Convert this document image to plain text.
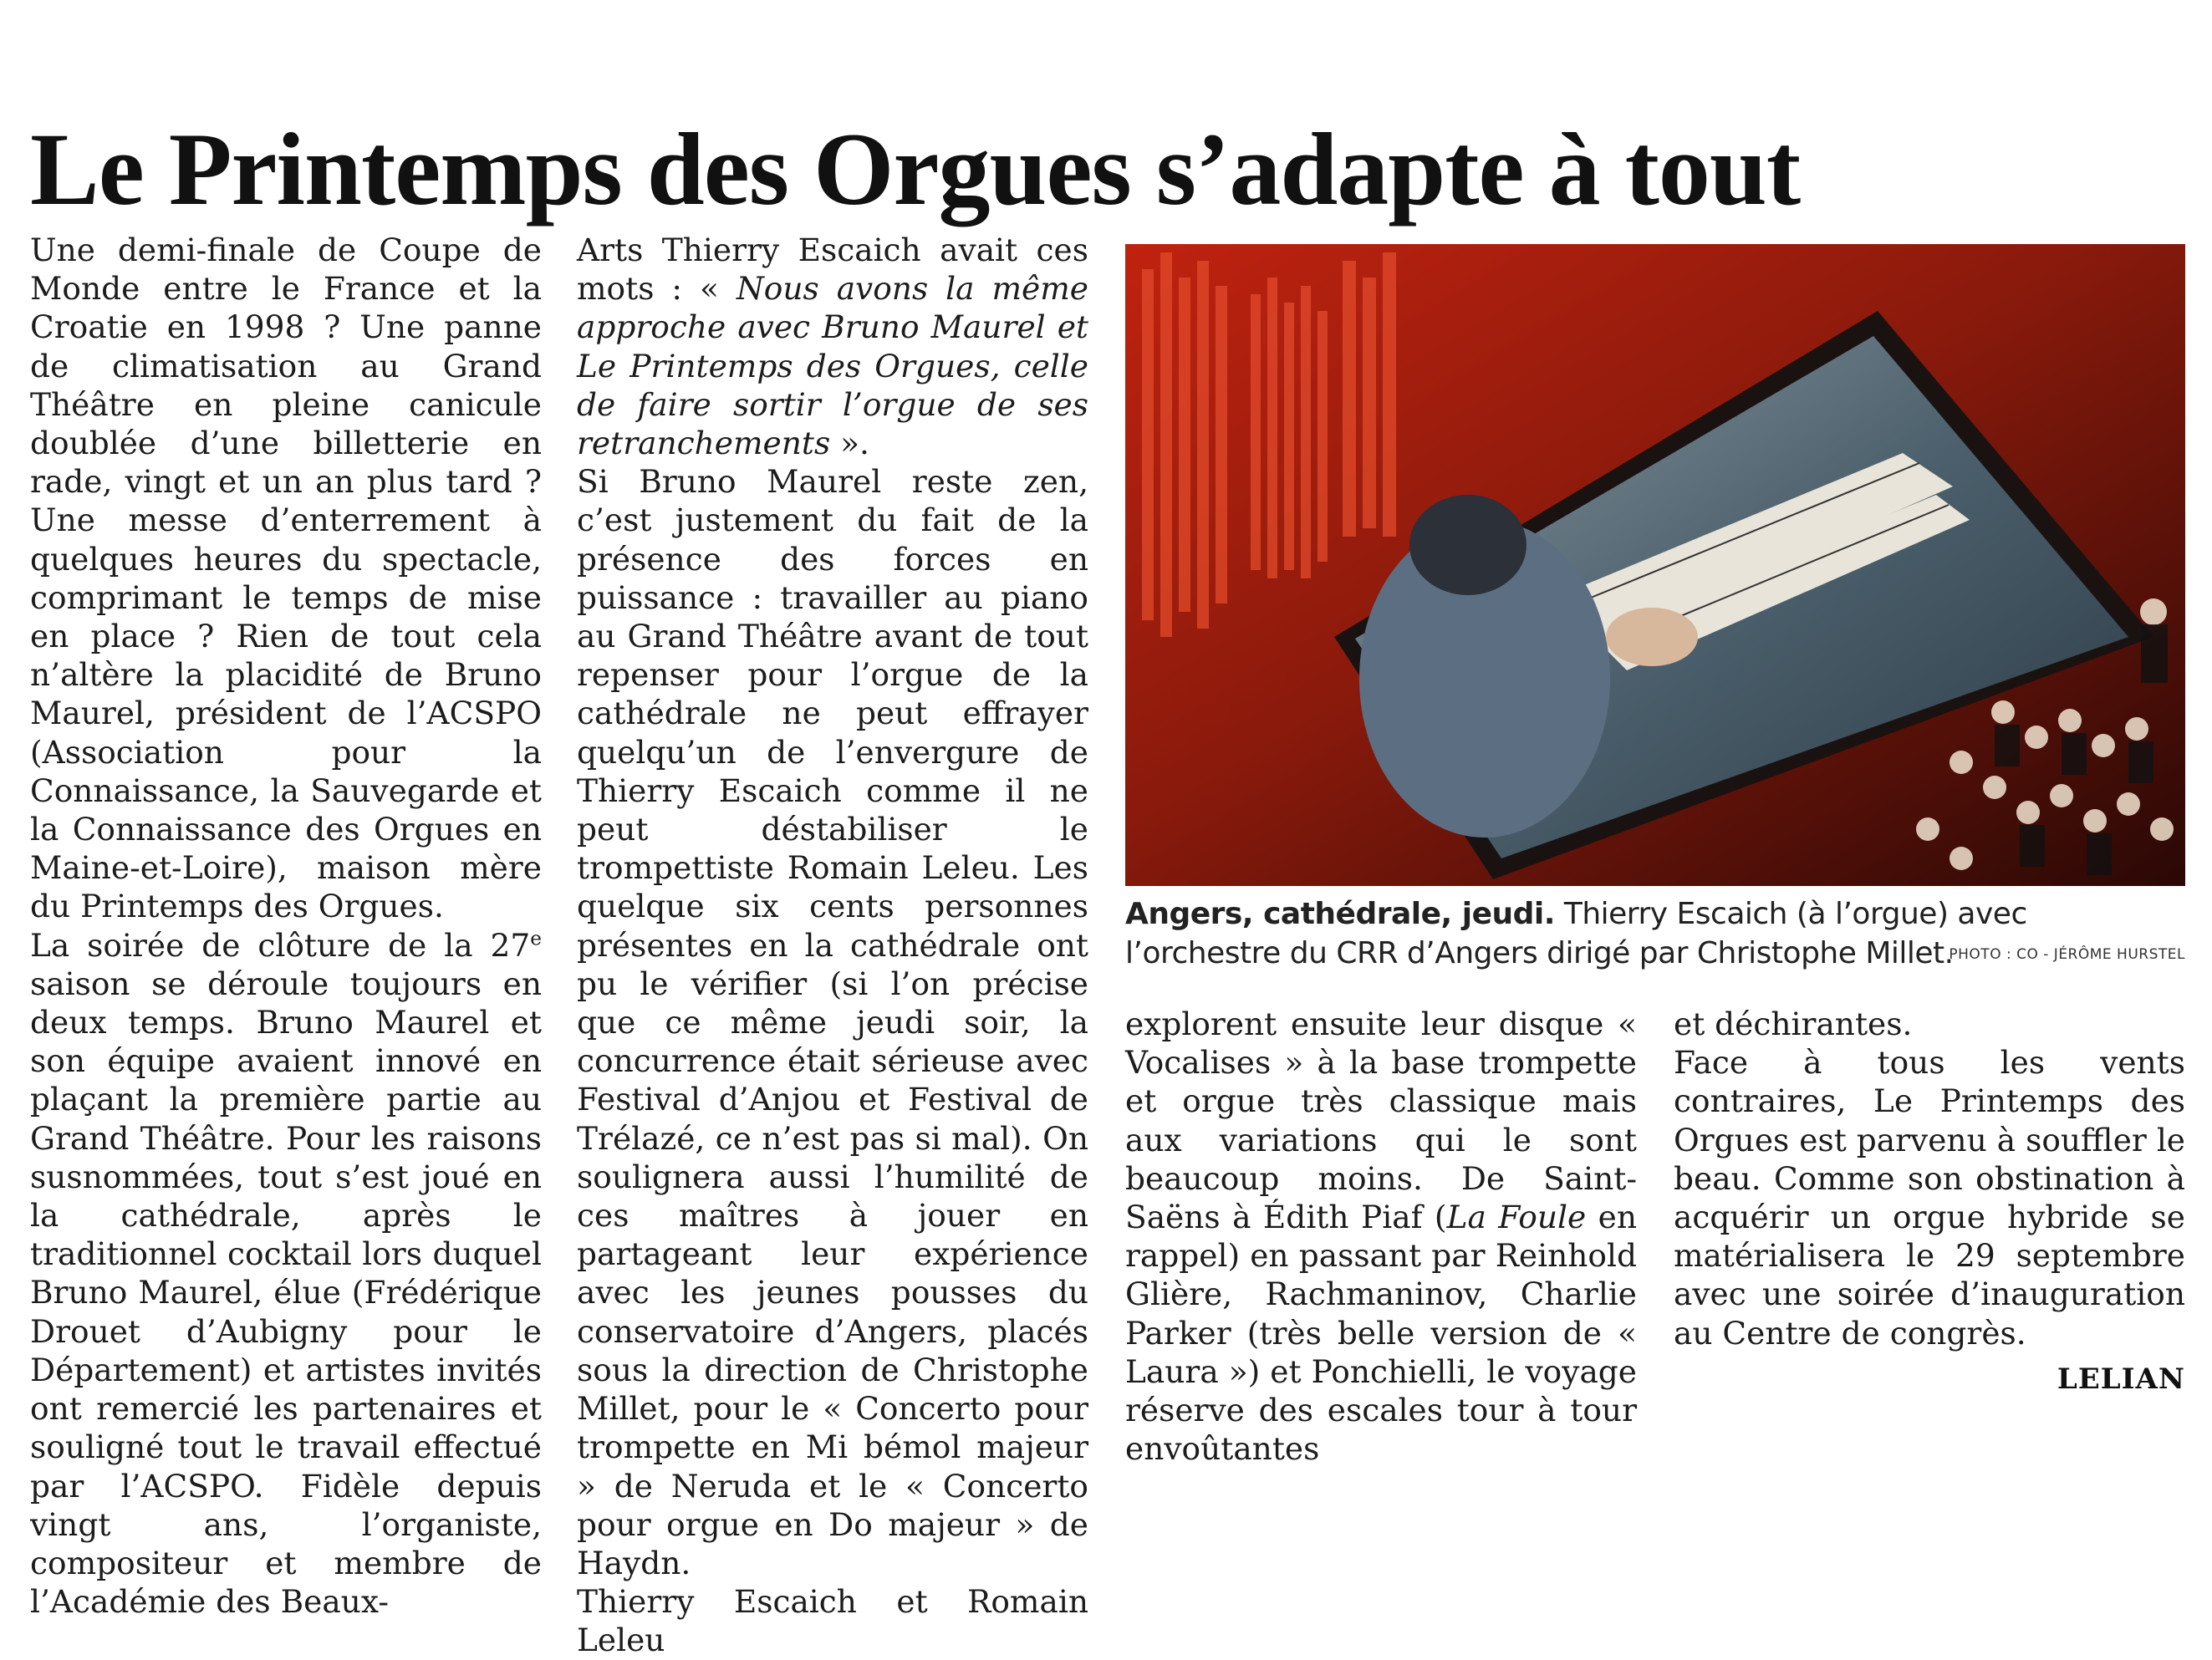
Le Printemps des Orgues s’adapte à tout

Une demi-finale de Coupe de Monde entre le France et la Croatie en 1998 ? Une panne de climatisation au Grand Théâtre en pleine canicule doublée d’une billetterie en rade, vingt et un an plus tard ? Une messe d’enterrement à quelques heures du spectacle, comprimant le temps de mise en place ? Rien de tout cela n’altère la placidité de Bruno Maurel, président de l’ACSPO (Association pour la Connaissance, la Sauvegarde et la Connaissance des Orgues en Maine-et-Loire), maison mère du Printemps des Orgues.

La soirée de clôture de la 27e saison se déroule toujours en deux temps. Bruno Maurel et son équipe avaient innové en plaçant la première partie au Grand Théâtre. Pour les raisons susnommées, tout s’est joué en la cathédrale, après le traditionnel cocktail lors duquel Bruno Maurel, élue (Frédérique Drouet d’Aubigny pour le Département) et artistes invités ont remercié les partenaires et souligné tout le travail effectué par l’ACSPO. Fidèle depuis vingt ans, l’organiste, compositeur et membre de l’Académie des Beaux-

Arts Thierry Escaich avait ces mots : « Nous avons la même approche avec Bruno Maurel et Le Printemps des Orgues, celle de faire sortir l’orgue de ses retranchements ».

Si Bruno Maurel reste zen, c’est justement du fait de la présence des forces en puissance : travailler au piano au Grand Théâtre avant de tout repenser pour l’orgue de la cathédrale ne peut effrayer quelqu’un de l’envergure de Thierry Escaich comme il ne peut déstabiliser le trompettiste Romain Leleu. Les quelque six cents personnes présentes en la cathédrale ont pu le vérifier (si l’on précise que ce même jeudi soir, la concurrence était sérieuse avec Festival d’Anjou et Festival de Trélazé, ce n’est pas si mal). On soulignera aussi l’humilité de ces maîtres à jouer en partageant leur expérience avec les jeunes pousses du conservatoire d’Angers, placés sous la direction de Christophe Millet, pour le « Concerto pour trompette en Mi bémol majeur » de Neruda et le « Concerto pour orgue en Do majeur » de Haydn.

Thierry Escaich et Romain Leleu

Angers, cathédrale, jeudi. Thierry Escaich (à l’orgue) avec l’orchestre du CRR d’Angers dirigé par Christophe Millet.
PHOTO : CO - JÉRÔME HURSTEL

explorent ensuite leur disque « Vocalises » à la base trompette et orgue très classique mais aux variations qui le sont beaucoup moins. De Saint-Saëns à Édith Piaf (La Foule en rappel) en passant par Reinhold Glière, Rachmaninov, Charlie Parker (très belle version de « Laura ») et Ponchielli, le voyage réserve des escales tour à tour envoûtantes

et déchirantes.

Face à tous les vents contraires, Le Printemps des Orgues est parvenu à souffler le beau. Comme son obstination à acquérir un orgue hybride se matérialisera le 29 septembre avec une soirée d’inauguration au Centre de congrès.

LELIAN
